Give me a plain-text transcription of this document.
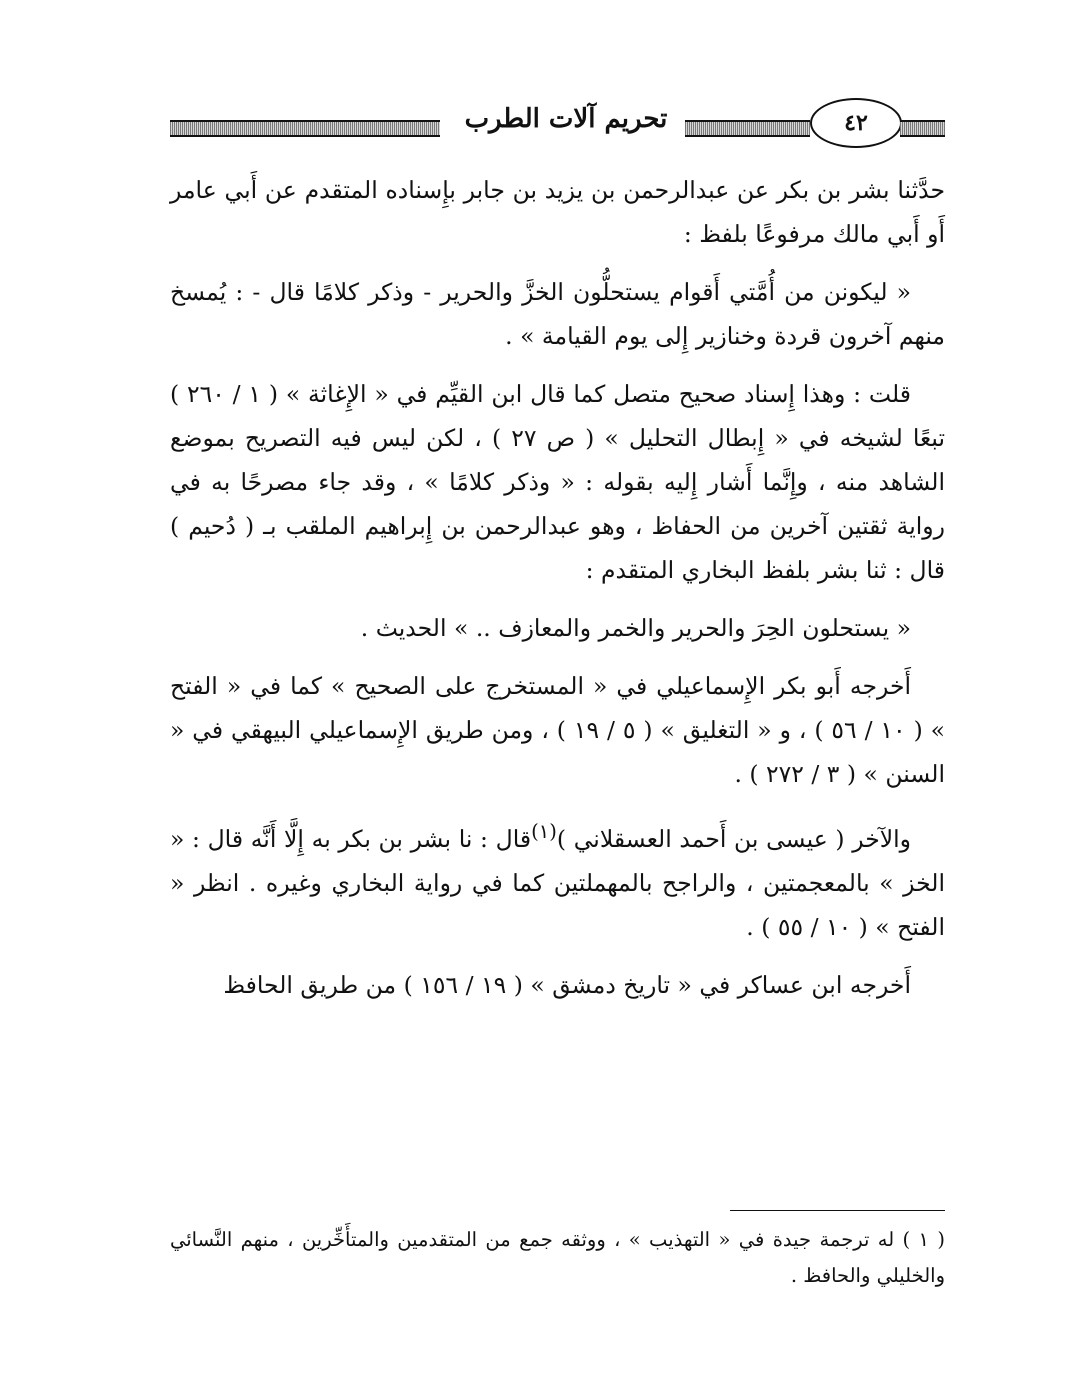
تحريم آلات الطرب	٤٢

حدَّثنا بشر بن بكر عن عبدالرحمن بن يزيد بن جابر بإِسناده المتقدم عن أَبي عامر أَو أَبي مالك مرفوعًا بلفظ :

« ليكونن من أُمَّتي أَقوام يستحلُّون الخزَّ والحرير - وذكر كلامًا قال - : يُمسخ منهم آخرون قردة وخنازير إِلى يوم القيامة » .

قلت : وهذا إِسناد صحيح متصل كما قال ابن القيِّم في « الإِغاثة » ( ١ / ٢٦٠ ) تبعًا لشيخه في « إِبطال التحليل » ( ص ٢٧ ) ، لكن ليس فيه التصريح بموضع الشاهد منه ، وإِنَّما أَشار إِليه بقوله : « وذكر كلامًا » ، وقد جاء مصرحًا به في رواية ثقتين آخرين من الحفاظ ، وهو عبدالرحمن بن إِبراهيم الملقب بـ ( دُحيم ) قال : ثنا بشر بلفظ البخاري المتقدم :

« يستحلون الحِرَ والحرير والخمر والمعازف .. » الحديث .

أَخرجه أَبو بكر الإِسماعيلي في « المستخرج على الصحيح » كما في « الفتح » ( ١٠ / ٥٦ ) ، و « التغليق » ( ٥ / ١٩ ) ، ومن طريق الإِسماعيلي البيهقي في « السنن » ( ٣ / ٢٧٢ ) .

والآخر ( عيسى بن أَحمد العسقلاني )$^{(١)}$قال : نا بشر بن بكر به إِلَّا أَنَّه قال : « الخز » بالمعجمتين ، والراجح بالمهملتين كما في رواية البخاري وغيره . انظر « الفتح » ( ١٠ / ٥٥ ) .

أَخرجه ابن عساكر في « تاريخ دمشق » ( ١٩ / ١٥٦ ) من طريق الحافظ

( ١ ) له ترجمة جيدة في « التهذيب » ، ووثقه جمع من المتقدمين والمتأَخِّرين ، منهم النَّسائي والخليلي والحافظ .
